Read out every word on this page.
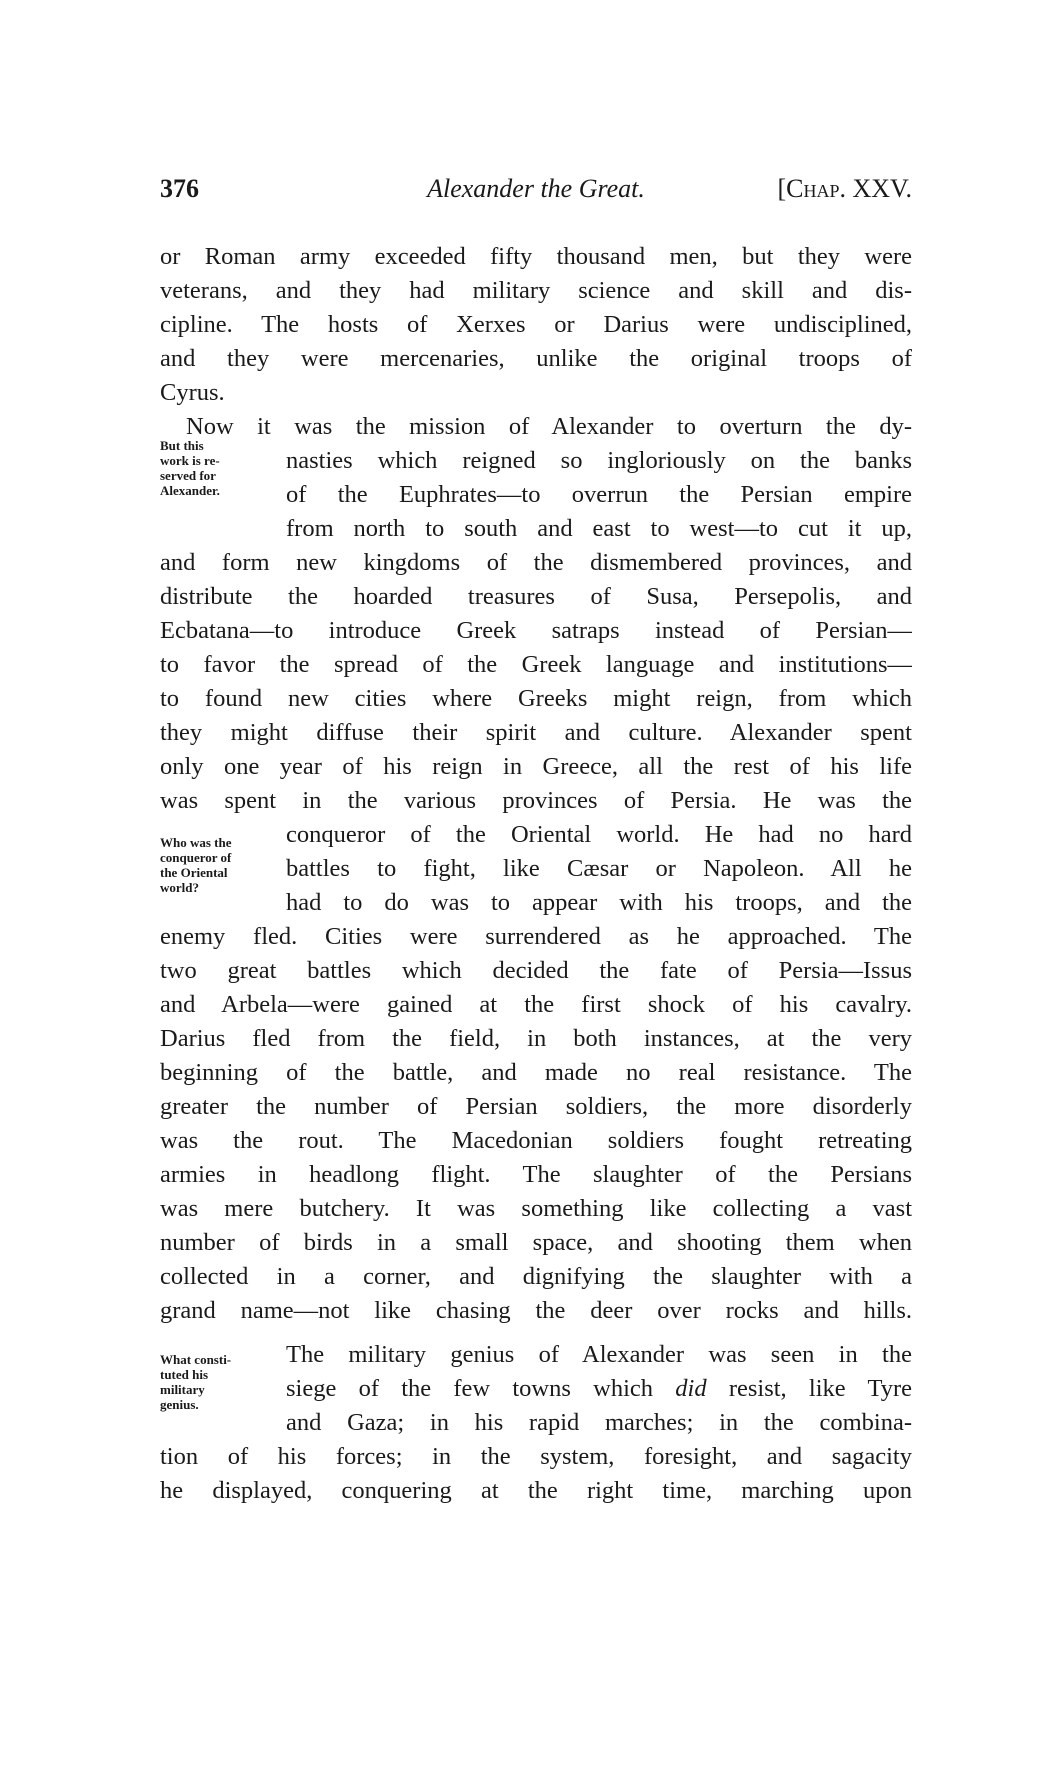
376	Alexander the Great.	[Chap. XXV.
But this
work is re-
served for
Alexander.
Who was the
conqueror of
the Oriental
world?
What consti-
tuted his
military
genius.
or Roman army exceeded fifty thousand men, but they were
veterans, and they had military science and skill and dis-
cipline. The hosts of Xerxes or Darius were undisciplined,
and they were mercenaries, unlike the original troops of
Cyrus.
Now it was the mission of Alexander to overturn the dy-
nasties which reigned so ingloriously on the banks
of the Euphrates—to overrun the Persian empire
from north to south and east to west—to cut it up,
and form new kingdoms of the dismembered provinces, and
distribute the hoarded treasures of Susa, Persepolis, and
Ecbatana—to introduce Greek satraps instead of Persian—
to favor the spread of the Greek language and institutions—
to found new cities where Greeks might reign, from which
they might diffuse their spirit and culture. Alexander spent
only one year of his reign in Greece, all the rest of his life
was spent in the various provinces of Persia. He was the
conqueror of the Oriental world. He had no hard
battles to fight, like Cæsar or Napoleon. All he
had to do was to appear with his troops, and the
enemy fled. Cities were surrendered as he approached. The
two great battles which decided the fate of Persia—Issus
and Arbela—were gained at the first shock of his cavalry.
Darius fled from the field, in both instances, at the very
beginning of the battle, and made no real resistance. The
greater the number of Persian soldiers, the more disorderly
was the rout. The Macedonian soldiers fought retreating
armies in headlong flight. The slaughter of the Persians
was mere butchery. It was something like collecting a vast
number of birds in a small space, and shooting them when
collected in a corner, and dignifying the slaughter with a
grand name—not like chasing the deer over rocks and hills.
The military genius of Alexander was seen in the
siege of the few towns which did resist, like Tyre
and Gaza; in his rapid marches; in the combina-
tion of his forces; in the system, foresight, and sagacity
he displayed, conquering at the right time, marching upon
